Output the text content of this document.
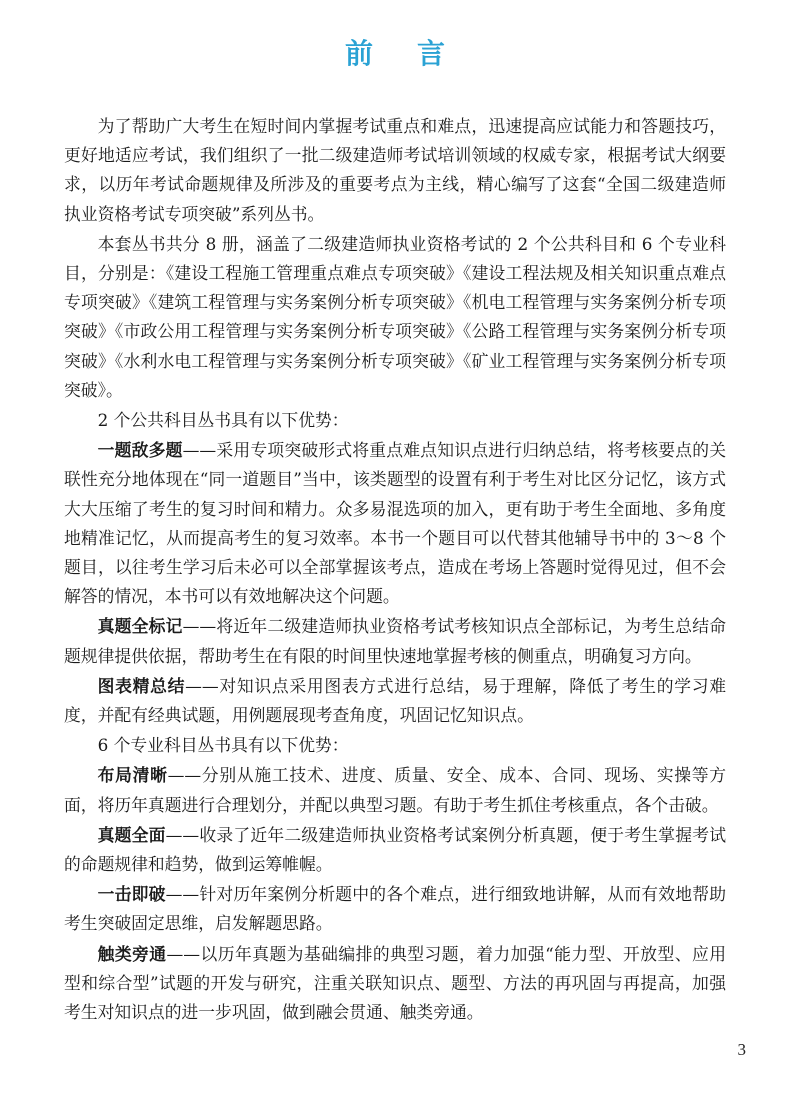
前言

为了帮助广大考生在短时间内掌握考试重点和难点，迅速提高应试能力和答题技巧，更好地适应考试，我们组织了一批二级建造师考试培训领域的权威专家，根据考试大纲要求，以历年考试命题规律及所涉及的重要考点为主线，精心编写了这套“全国二级建造师执业资格考试专项突破”系列丛书。

本套丛书共分 8 册，涵盖了二级建造师执业资格考试的 2 个公共科目和 6 个专业科目，分别是：《建设工程施工管理重点难点专项突破》《建设工程法规及相关知识重点难点专项突破》《建筑工程管理与实务案例分析专项突破》《机电工程管理与实务案例分析专项突破》《市政公用工程管理与实务案例分析专项突破》《公路工程管理与实务案例分析专项突破》《水利水电工程管理与实务案例分析专项突破》《矿业工程管理与实务案例分析专项突破》。

2 个公共科目丛书具有以下优势：

一题敌多题——采用专项突破形式将重点难点知识点进行归纳总结，将考核要点的关联性充分地体现在“同一道题目”当中，该类题型的设置有利于考生对比区分记忆，该方式大大压缩了考生的复习时间和精力。众多易混选项的加入，更有助于考生全面地、多角度地精准记忆，从而提高考生的复习效率。本书一个题目可以代替其他辅导书中的 3～8 个题目，以往考生学习后未必可以全部掌握该考点，造成在考场上答题时觉得见过，但不会解答的情况，本书可以有效地解决这个问题。

真题全标记——将近年二级建造师执业资格考试考核知识点全部标记，为考生总结命题规律提供依据，帮助考生在有限的时间里快速地掌握考核的侧重点，明确复习方向。

图表精总结——对知识点采用图表方式进行总结，易于理解，降低了考生的学习难度，并配有经典试题，用例题展现考查角度，巩固记忆知识点。

6 个专业科目丛书具有以下优势：

布局清晰——分别从施工技术、进度、质量、安全、成本、合同、现场、实操等方面，将历年真题进行合理划分，并配以典型习题。有助于考生抓住考核重点，各个击破。

真题全面——收录了近年二级建造师执业资格考试案例分析真题，便于考生掌握考试的命题规律和趋势，做到运筹帷幄。

一击即破——针对历年案例分析题中的各个难点，进行细致地讲解，从而有效地帮助考生突破固定思维，启发解题思路。

触类旁通——以历年真题为基础编排的典型习题，着力加强“能力型、开放型、应用型和综合型”试题的开发与研究，注重关联知识点、题型、方法的再巩固与再提高，加强考生对知识点的进一步巩固，做到融会贯通、触类旁通。

3
